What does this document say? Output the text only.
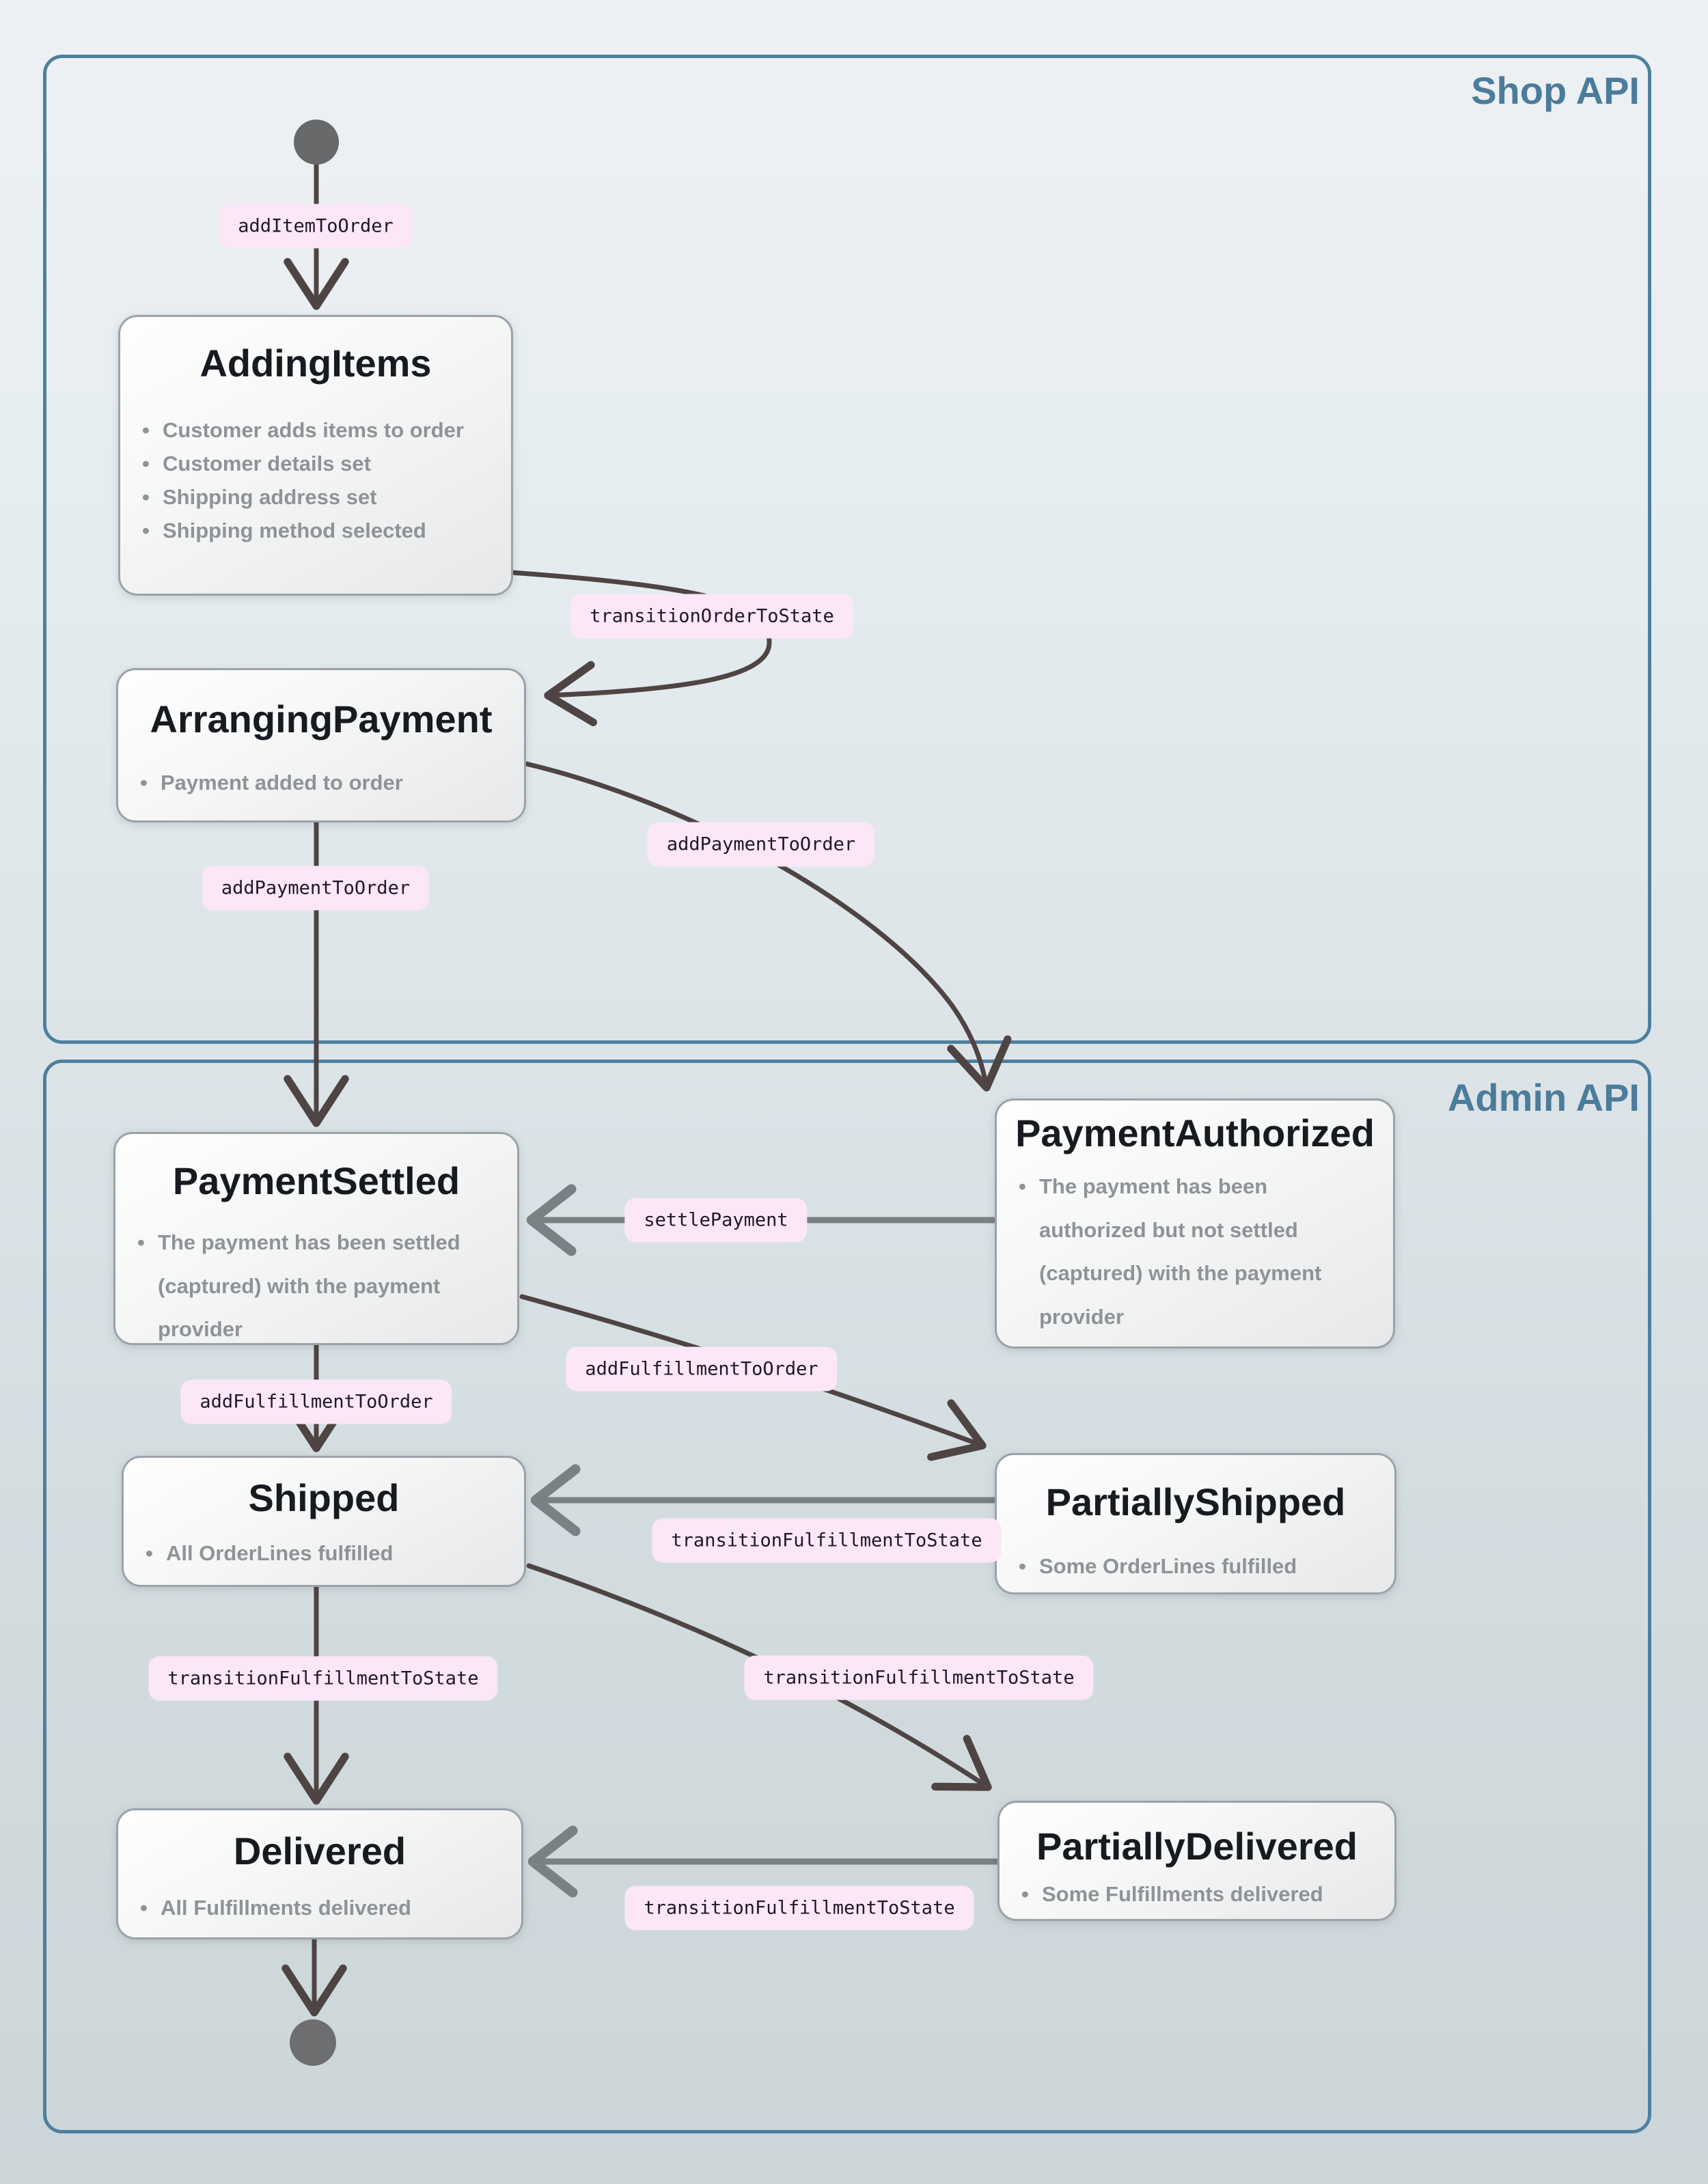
Shop API
Admin API
AddingItems
• Customer adds items to order
• Customer details set
• Shipping address set
• Shipping method selected
ArrangingPayment
• Payment added to order
PaymentSettled
• The payment has been settled (captured) with the payment provider
PaymentAuthorized
• The payment has been authorized but not settled (captured) with the payment provider
Shipped
• All OrderLines fulfilled
PartiallyShipped
• Some OrderLines fulfilled
Delivered
• All Fulfillments delivered
PartiallyDelivered
• Some Fulfillments delivered
addItemToOrder
transitionOrderToState
addPaymentToOrder
addPaymentToOrder
settlePayment
addFulfillmentToOrder
addFulfillmentToOrder
transitionFulfillmentToState	transitionFulfillmentToState
transitionFulfillmentToState
transitionFulfillmentToState
